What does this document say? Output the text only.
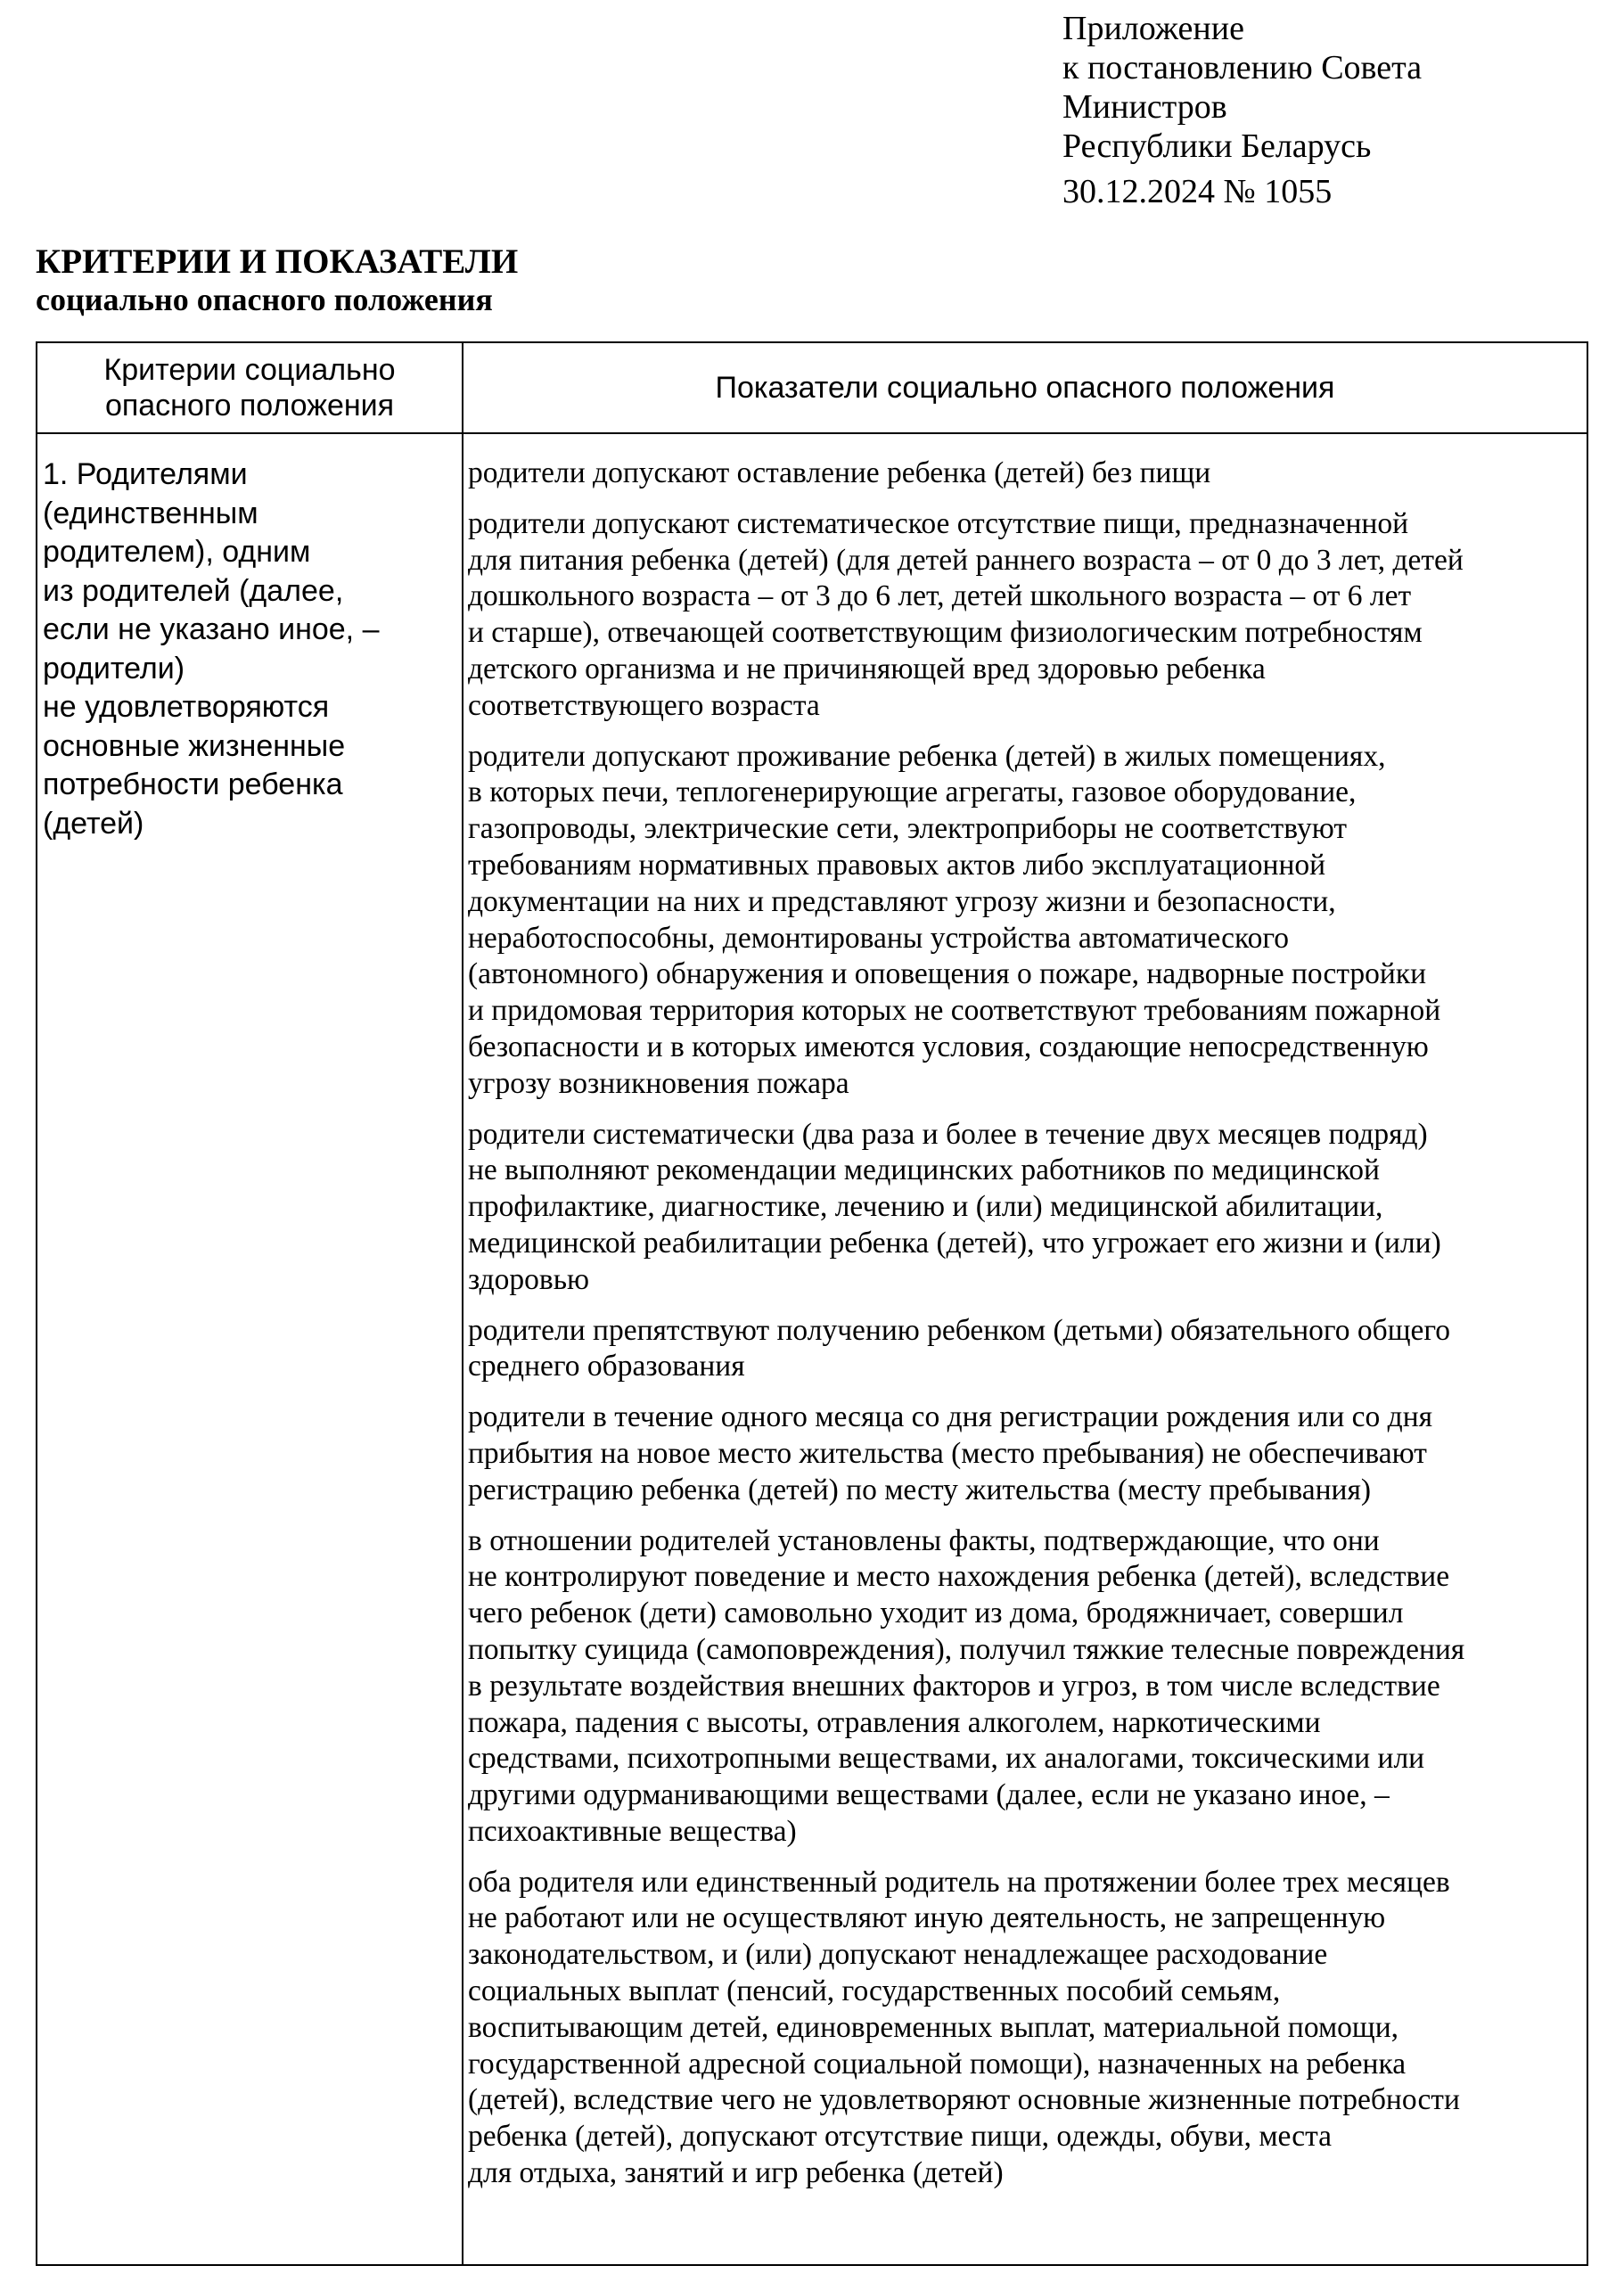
Приложение
к постановлению Совета
Министров
Республики Беларусь
30.12.2024 № 1055
КРИТЕРИИ И ПОКАЗАТЕЛИ
социально опасного положения
Критерии социально
опасного положения
Показатели социально опасного положения
1. Родителями
(единственным
родителем), одним
из родителей (далее,
если не указано иное, –
родители)
не удовлетворяются
основные жизненные
потребности ребенка
(детей)
родители допускают оставление ребенка (детей) без пищи
родители допускают систематическое отсутствие пищи, предназначенной
для питания ребенка (детей) (для детей раннего возраста – от 0 до 3 лет, детей
дошкольного возраста – от 3 до 6 лет, детей школьного возраста – от 6 лет
и старше), отвечающей соответствующим физиологическим потребностям
детского организма и не причиняющей вред здоровью ребенка
соответствующего возраста
родители допускают проживание ребенка (детей) в жилых помещениях,
в которых печи, теплогенерирующие агрегаты, газовое оборудование,
газопроводы, электрические сети, электроприборы не соответствуют
требованиям нормативных правовых актов либо эксплуатационной
документации на них и представляют угрозу жизни и безопасности,
неработоспособны, демонтированы устройства автоматического
(автономного) обнаружения и оповещения о пожаре, надворные постройки
и придомовая территория которых не соответствуют требованиям пожарной
безопасности и в которых имеются условия, создающие непосредственную
угрозу возникновения пожара
родители систематически (два раза и более в течение двух месяцев подряд)
не выполняют рекомендации медицинских работников по медицинской
профилактике, диагностике, лечению и (или) медицинской абилитации,
медицинской реабилитации ребенка (детей), что угрожает его жизни и (или)
здоровью
родители препятствуют получению ребенком (детьми) обязательного общего
среднего образования
родители в течение одного месяца со дня регистрации рождения или со дня
прибытия на новое место жительства (место пребывания) не обеспечивают
регистрацию ребенка (детей) по месту жительства (месту пребывания)
в отношении родителей установлены факты, подтверждающие, что они
не контролируют поведение и место нахождения ребенка (детей), вследствие
чего ребенок (дети) самовольно уходит из дома, бродяжничает, совершил
попытку суицида (самоповреждения), получил тяжкие телесные повреждения
в результате воздействия внешних факторов и угроз, в том числе вследствие
пожара, падения с высоты, отравления алкоголем, наркотическими
средствами, психотропными веществами, их аналогами, токсическими или
другими одурманивающими веществами (далее, если не указано иное, –
психоактивные вещества)
оба родителя или единственный родитель на протяжении более трех месяцев
не работают или не осуществляют иную деятельность, не запрещенную
законодательством, и (или) допускают ненадлежащее расходование
социальных выплат (пенсий, государственных пособий семьям,
воспитывающим детей, единовременных выплат, материальной помощи,
государственной адресной социальной помощи), назначенных на ребенка
(детей), вследствие чего не удовлетворяют основные жизненные потребности
ребенка (детей), допускают отсутствие пищи, одежды, обуви, места
для отдыха, занятий и игр ребенка (детей)
